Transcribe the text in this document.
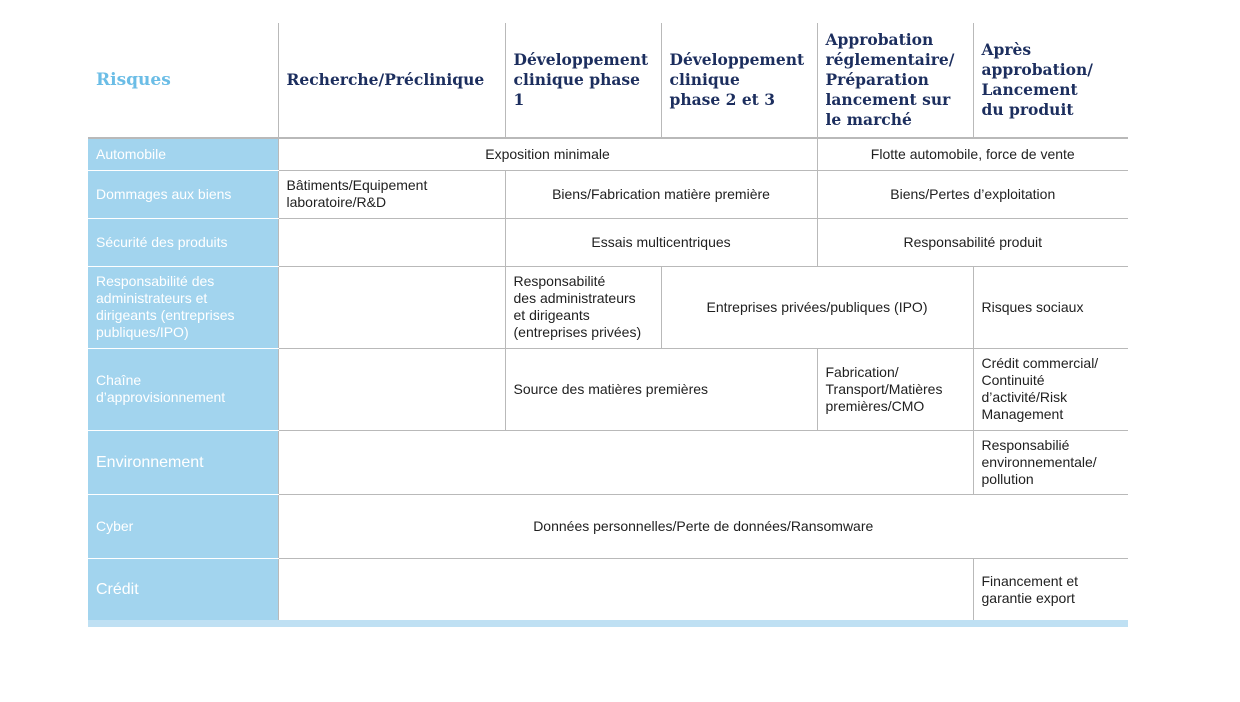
Risques	Recherche/Préclinique	Développement
clinique phase 1	Développement
clinique
phase 2 et 3	Approbation
réglementaire/
Préparation
lancement sur
le marché	Après
approbation/
Lancement
du produit
Automobile	Exposition minimale			Flotte automobile, force de vente	
Dommages aux biens	Bâtiments/Equipement
laboratoire/R&D	Biens/Fabrication matière première		Biens/Pertes d’exploitation	
Sécurité des produits		Essais multicentriques		Responsabilité produit	
Responsabilité des
administrateurs et
dirigeants (entreprises
publiques/IPO)		Responsabilité
des administrateurs
et dirigeants
(entreprises privées)	Entreprises privées/publiques (IPO)		Risques sociaux
Chaîne
d’approvisionnement		Source des matières premières		Fabrication/
Transport/Matières
premières/CMO	Crédit commercial/
Continuité
d’activité/Risk
Management
Environnement					Responsabilié
environnementale/
pollution
Cyber	Données personnelles/Perte de données/Ransomware				
Crédit					Financement et
garantie export
